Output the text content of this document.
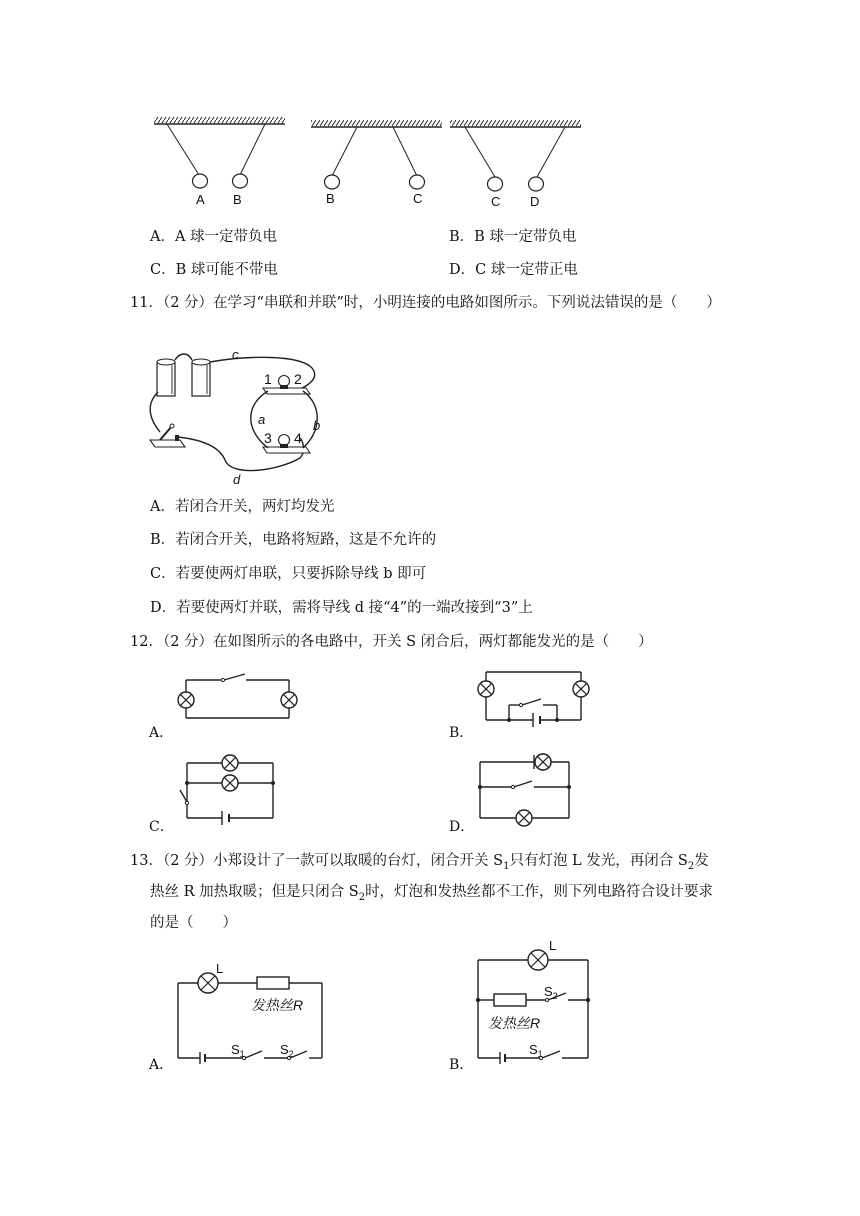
A B	B	C	C D
A．A 球一定带负电	B．B 球一定带负电
C．B 球可能不带电	D．C 球一定带正电
11．（2 分）在学习“串联和并联”时，小明连接的电路如图所示。下列说法错误的是（　　）
c
1 2
a	b
3 4
d
A．若闭合开关，两灯均发光
B．若闭合开关，电路将短路，这是不允许的
C．若要使两灯串联，只要拆除导线 b 即可
D．若要使两灯并联，需将导线 d 接“4”的一端改接到“3”上
12．（2 分）在如图所示的各电路中，开关 S 闭合后，两灯都能发光的是（　　）
A．	B．
C．	D．
13．（2 分）小郑设计了一款可以取暖的台灯，闭合开关 $S_1$只有灯泡 L 发光，再闭合 $S_2$发
热丝 R 加热取暖；但是只闭合 $S_2$时，灯泡和发热丝都不工作，则下列电路符合设计要求
的是（　　）
L
发热丝R
$S_1$	$S_2$
A．
L
$S_2$
发热丝R
$S_1$
B．
